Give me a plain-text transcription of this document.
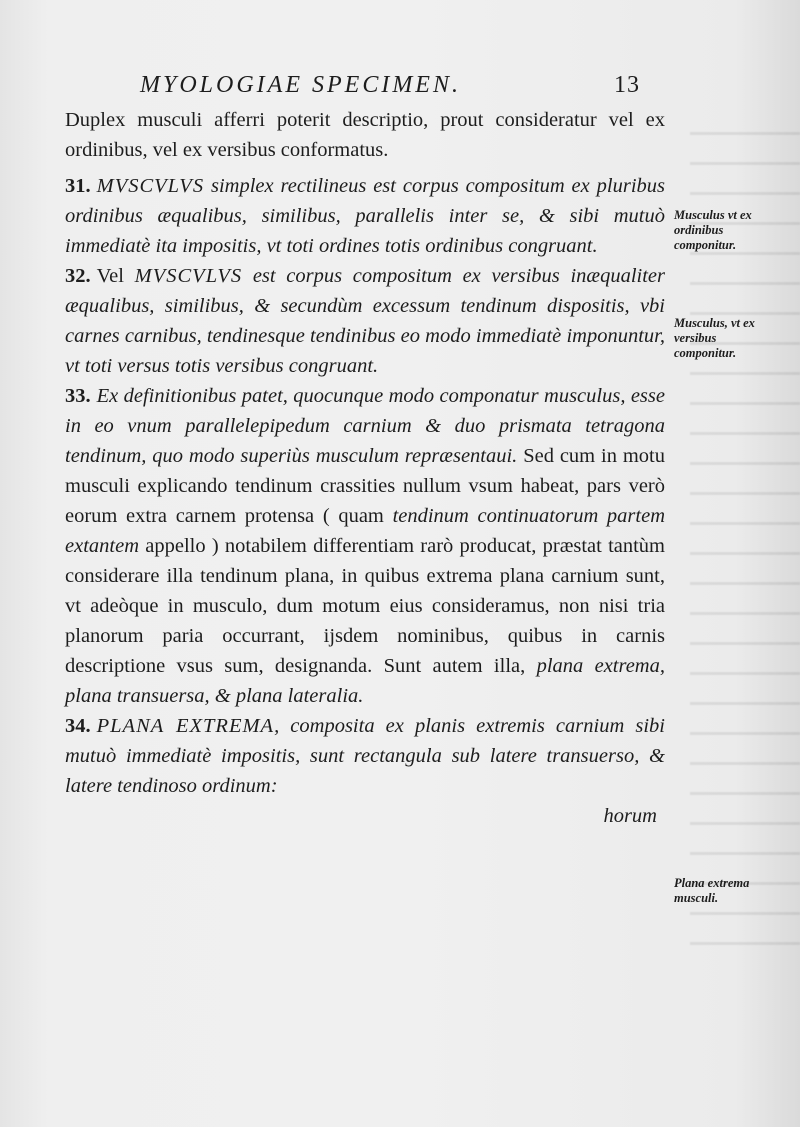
MYOLOGIAE SPECIMEN.	13

Duplex musculi afferri poterit descriptio, prout consideratur vel ex ordinibus, vel ex versibus conformatus.

31. MVSCVLVS simplex rectilineus est corpus compositum ex pluribus ordinibus æqualibus, similibus, parallelis inter se, & sibi mutuò immediatè ita impositis, vt toti ordines totis ordinibus congruant.

32. Vel MVSCVLVS est corpus compositum ex versibus inæqualiter æqualibus, similibus, & secundùm excessum tendinum dispositis, vbi carnes carnibus, tendinesque tendinibus eo modo immediatè imponuntur, vt toti versus totis versibus congruant.

33. Ex definitionibus patet, quocunque modo componatur musculus, esse in eo vnum parallelepipedum carnium & duo prismata tetragona tendinum, quo modo superiùs musculum repræsentaui. Sed cum in motu musculi explicando tendinum crassities nullum vsum habeat, pars verò eorum extra carnem protensa ( quam tendinum continuatorum partem extantem appello ) notabilem differentiam rarò producat, præstat tantùm considerare illa tendinum plana, in quibus extrema plana carnium sunt, vt adeòque in musculo, dum motum eius consideramus, non nisi tria planorum paria occurrant, ijsdem nominibus, quibus in carnis descriptione vsus sum, designanda. Sunt autem illa, plana extrema, plana transuersa, & plana lateralia.

34. PLANA EXTREMA, composita ex planis extremis carnium sibi mutuò immediatè impositis, sunt rectangula sub latere transuerso, & latere tendinoso ordinum:

horum

Musculus vt ex ordinibus componitur.
Musculus, vt ex versibus componitur.
Plana extrema musculi.
